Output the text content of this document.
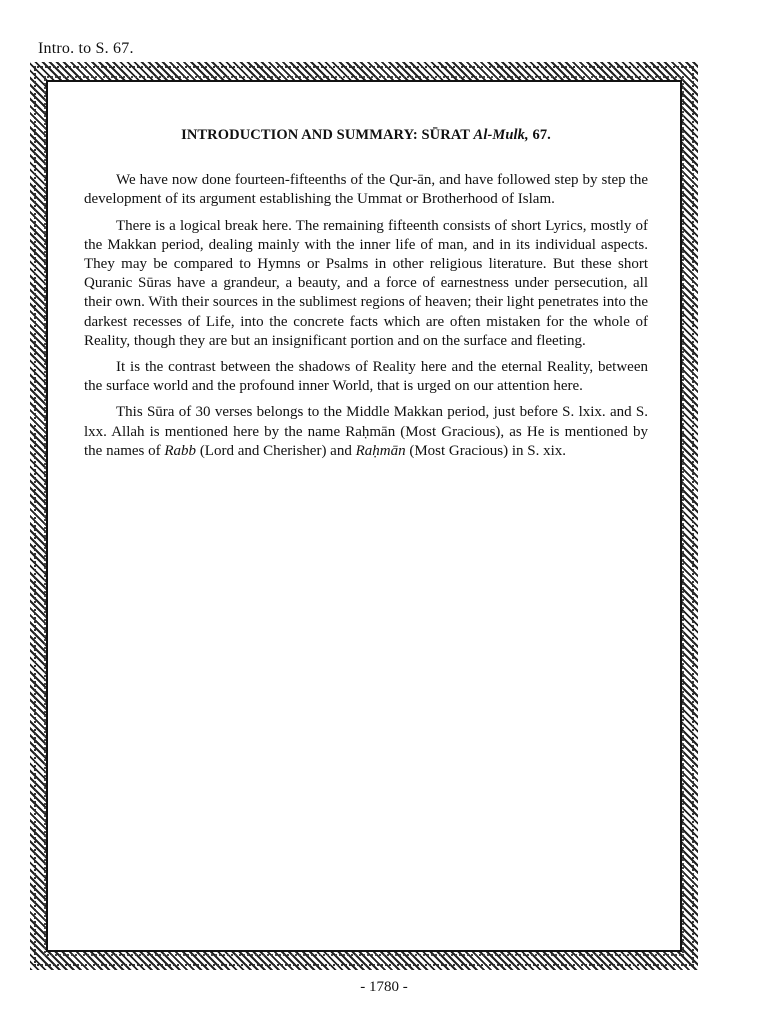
Intro. to S. 67.

INTRODUCTION AND SUMMARY: SŪRAT Al-Mulk, 67.

We have now done fourteen-fifteenths of the Qur-ān, and have followed step by step the development of its argument establishing the Ummat or Brotherhood of Islam.

There is a logical break here. The remaining fifteenth consists of short Lyrics, mostly of the Makkan period, dealing mainly with the inner life of man, and in its individual aspects. They may be compared to Hymns or Psalms in other religious literature. But these short Quranic Sūras have a grandeur, a beauty, and a force of earnestness under persecution, all their own. With their sources in the sublimest regions of heaven; their light penetrates into the darkest recesses of Life, into the concrete facts which are often mistaken for the whole of Reality, though they are but an insignificant portion and on the surface and fleeting.

It is the contrast between the shadows of Reality here and the eternal Reality, between the surface world and the profound inner World, that is urged on our attention here.

This Sūra of 30 verses belongs to the Middle Makkan period, just before S. lxix. and S. lxx. Allah is mentioned here by the name Raḥmān (Most Gracious), as He is mentioned by the names of Rabb (Lord and Cherisher) and Raḥmān (Most Gracious) in S. xix.

- 1780 -
